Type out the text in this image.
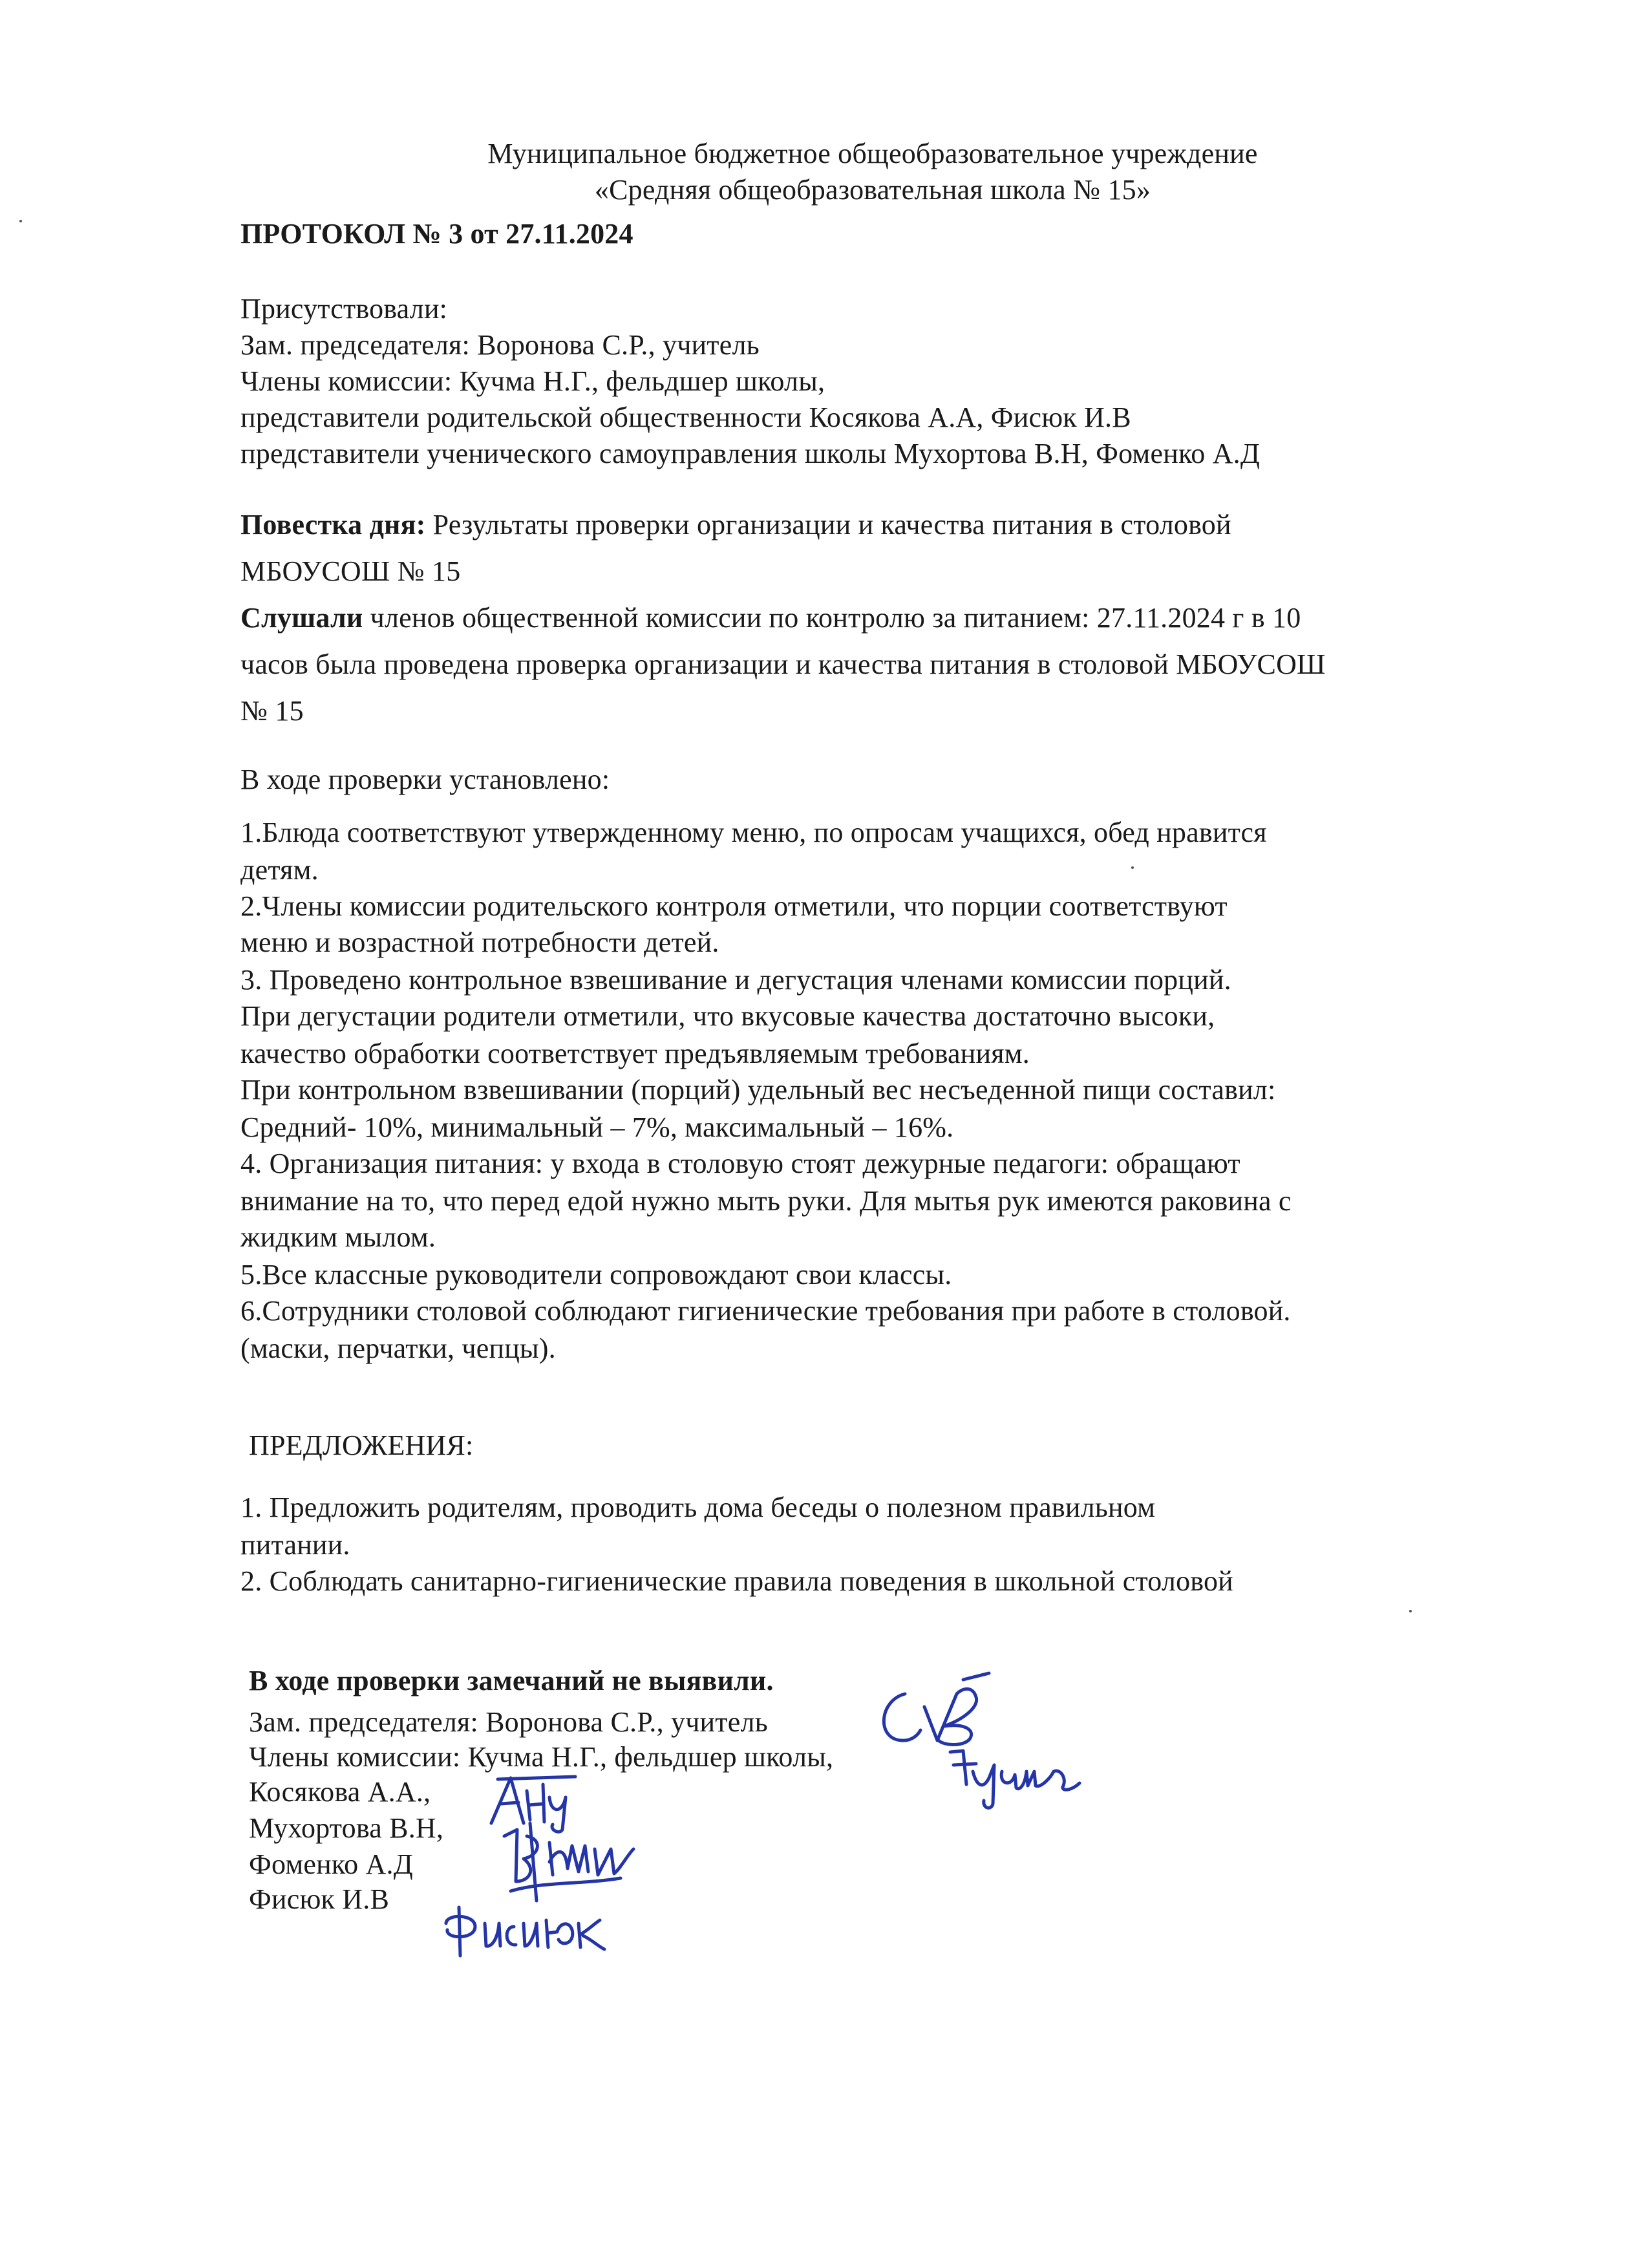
Муниципальное бюджетное общеобразовательное учреждение
«Средняя общеобразовательная школа № 15»
ПРОТОКОЛ № 3 от 27.11.2024
Присутствовали:
Зам. председателя: Воронова С.Р., учитель
Члены комиссии: Кучма Н.Г., фельдшер школы,
представители родительской общественности Косякова А.А, Фисюк И.В
представители ученического самоуправления школы Мухортова В.Н, Фоменко А.Д
Повестка дня: Результаты проверки организации и качества питания в столовой
МБОУСОШ № 15
Слушали членов общественной комиссии по контролю за питанием: 27.11.2024 г в 10
часов была проведена проверка организации и качества питания в столовой МБОУСОШ
№ 15
В ходе проверки установлено:
1.Блюда соответствуют утвержденному меню, по опросам учащихся, обед нравится
детям.
2.Члены комиссии родительского контроля отметили, что порции соответствуют
меню и возрастной потребности детей.
3. Проведено контрольное взвешивание и дегустация членами комиссии порций.
При дегустации родители отметили, что вкусовые качества достаточно высоки,
качество обработки соответствует предъявляемым требованиям.
При контрольном взвешивании (порций) удельный вес несъеденной пищи составил:
Средний- 10%, минимальный – 7%, максимальный – 16%.
4. Организация питания: у входа в столовую стоят дежурные педагоги: обращают
внимание на то, что перед едой нужно мыть руки. Для мытья рук имеются раковина с
жидким мылом.
5.Все классные руководители сопровождают свои классы.
6.Сотрудники столовой соблюдают гигиенические требования при работе в столовой.
(маски, перчатки, чепцы).
ПРЕДЛОЖЕНИЯ:
1. Предложить родителям, проводить дома беседы о полезном правильном
питании.
2. Соблюдать санитарно-гигиенические правила поведения в школьной столовой
В ходе проверки замечаний не выявили.
Зам. председателя: Воронова С.Р., учитель
Члены комиссии: Кучма Н.Г., фельдшер школы,
Косякова А.А.,
Мухортова В.Н,
Фоменко А.Д
Фисюк И.В
